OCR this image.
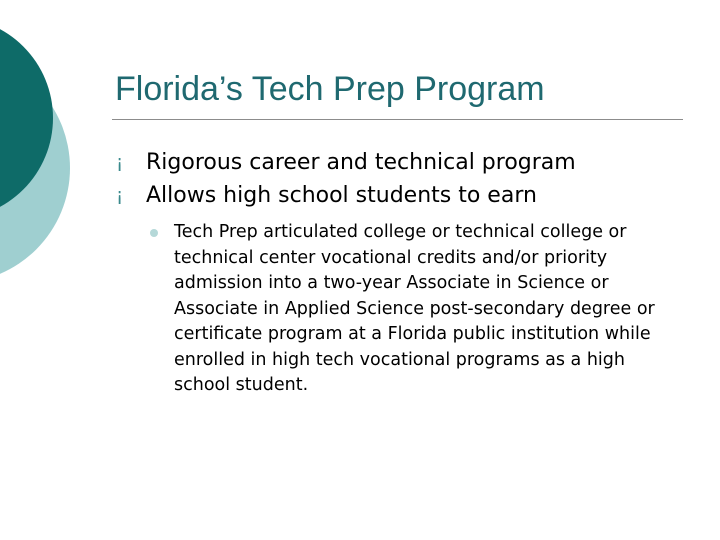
Florida’s Tech Prep Program
¡	Rigorous career and technical program
¡	Allows high school students to earn
Tech Prep articulated college or technical college or technical center vocational credits and/or priority admission into a two-year Associate in Science or Associate in Applied Science post-secondary degree or certificate program at a Florida public institution while enrolled in high tech vocational programs as a high school student.
